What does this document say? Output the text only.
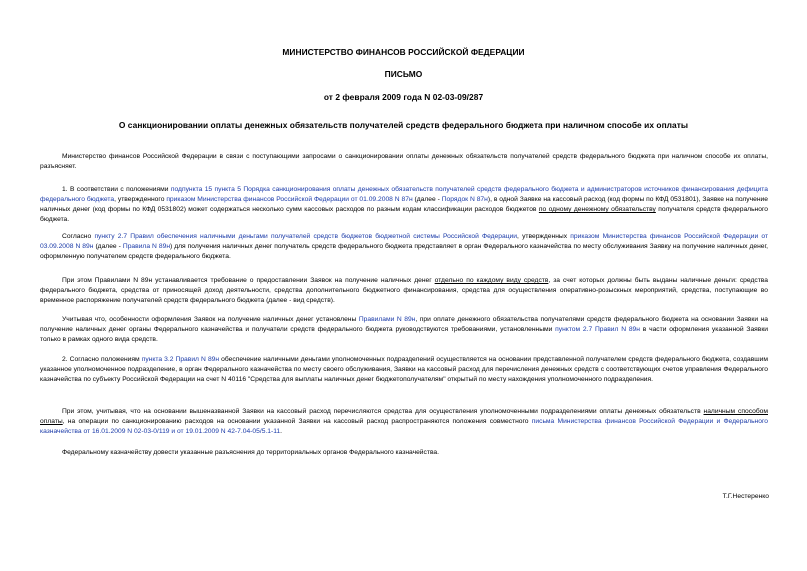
МИНИСТЕРСТВО ФИНАНСОВ РОССИЙСКОЙ ФЕДЕРАЦИИ
ПИСЬМО
от 2 февраля 2009 года N 02-03-09/287
О санкционировании оплаты денежных обязательств получателей средств федерального бюджета при наличном способе их оплаты

Министерство финансов Российской Федерации в связи с поступающими запросами о санкционировании оплаты денежных обязательств получателей средств федерального бюджета при наличном способе их оплаты, разъясняет.

1. В соответствии с положениями подпункта 15 пункта 5 Порядка санкционирования оплаты денежных обязательств получателей средств федерального бюджета и администраторов источников финансирования дефицита федерального бюджета, утвержденного приказом Министерства финансов Российской Федерации от 01.09.2008 N 87н (далее - Порядок N 87н), в одной Заявке на кассовый расход (код формы по КФД 0531801), Заявке на получение наличных денег (код формы по КФД 0531802) может содержаться несколько сумм кассовых расходов по разным кодам классификации расходов бюджетов по одному денежному обязательству получателя средств федерального бюджета.

Согласно пункту 2.7 Правил обеспечения наличными деньгами получателей средств бюджетов бюджетной системы Российской Федерации, утвержденных приказом Министерства финансов Российской Федерации от 03.09.2008 N 89н (далее - Правила N 89н) для получения наличных денег получатель средств федерального бюджета представляет в орган Федерального казначейства по месту обслуживания Заявку на получение наличных денег, оформленную получателем средств федерального бюджета.

При этом Правилами N 89н устанавливается требование о предоставлении Заявок на получение наличных денег отдельно по каждому виду средств, за счет которых должны быть выданы наличные деньги: средства федерального бюджета, средства от приносящей доход деятельности, средства дополнительного бюджетного финансирования, средства для осуществления оперативно-розыскных мероприятий, средства, поступающие во временное распоряжение получателей средств федерального бюджета (далее - вид средств).

Учитывая что, особенности оформления Заявок на получение наличных денег установлены Правилами N 89н, при оплате денежного обязательства получателями средств федерального бюджета на основании Заявки на получение наличных денег органы Федерального казначейства и получатели средств федерального бюджета руководствуются требованиями, установленными пунктом 2.7 Правил N 89н в части оформления указанной Заявки только в рамках одного вида средств.

2. Согласно положениям пункта 3.2 Правил N 89н обеспечение наличными деньгами уполномоченных подразделений осуществляется на основании представленной получателем средств федерального бюджета, создавшим указанное уполномоченное подразделение, в орган Федерального казначейства по месту своего обслуживания, Заявки на кассовый расход для перечисления денежных средств с соответствующих счетов управления Федерального казначейства по субъекту Российской Федерации на счет N 40116 "Средства для выплаты наличных денег бюджетополучателям" открытый по месту нахождения уполномоченного подразделения.

При этом, учитывая, что на основании вышеназванной Заявки на кассовый расход перечисляются средства для осуществления уполномоченными подразделениями оплаты денежных обязательств наличным способом оплаты, на операции по санкционированию расходов на основании указанной Заявки на кассовый расход распространяются положения совместного письма Министерства финансов Российской Федерации и Федерального казначейства от 16.01.2009 N 02-03-0/119 и от 19.01.2009 N 42-7.04-05/5.1-11.

Федеральному казначейству довести указанные разъяснения до территориальных органов Федерального казначейства.

Т.Г.Нестеренко
